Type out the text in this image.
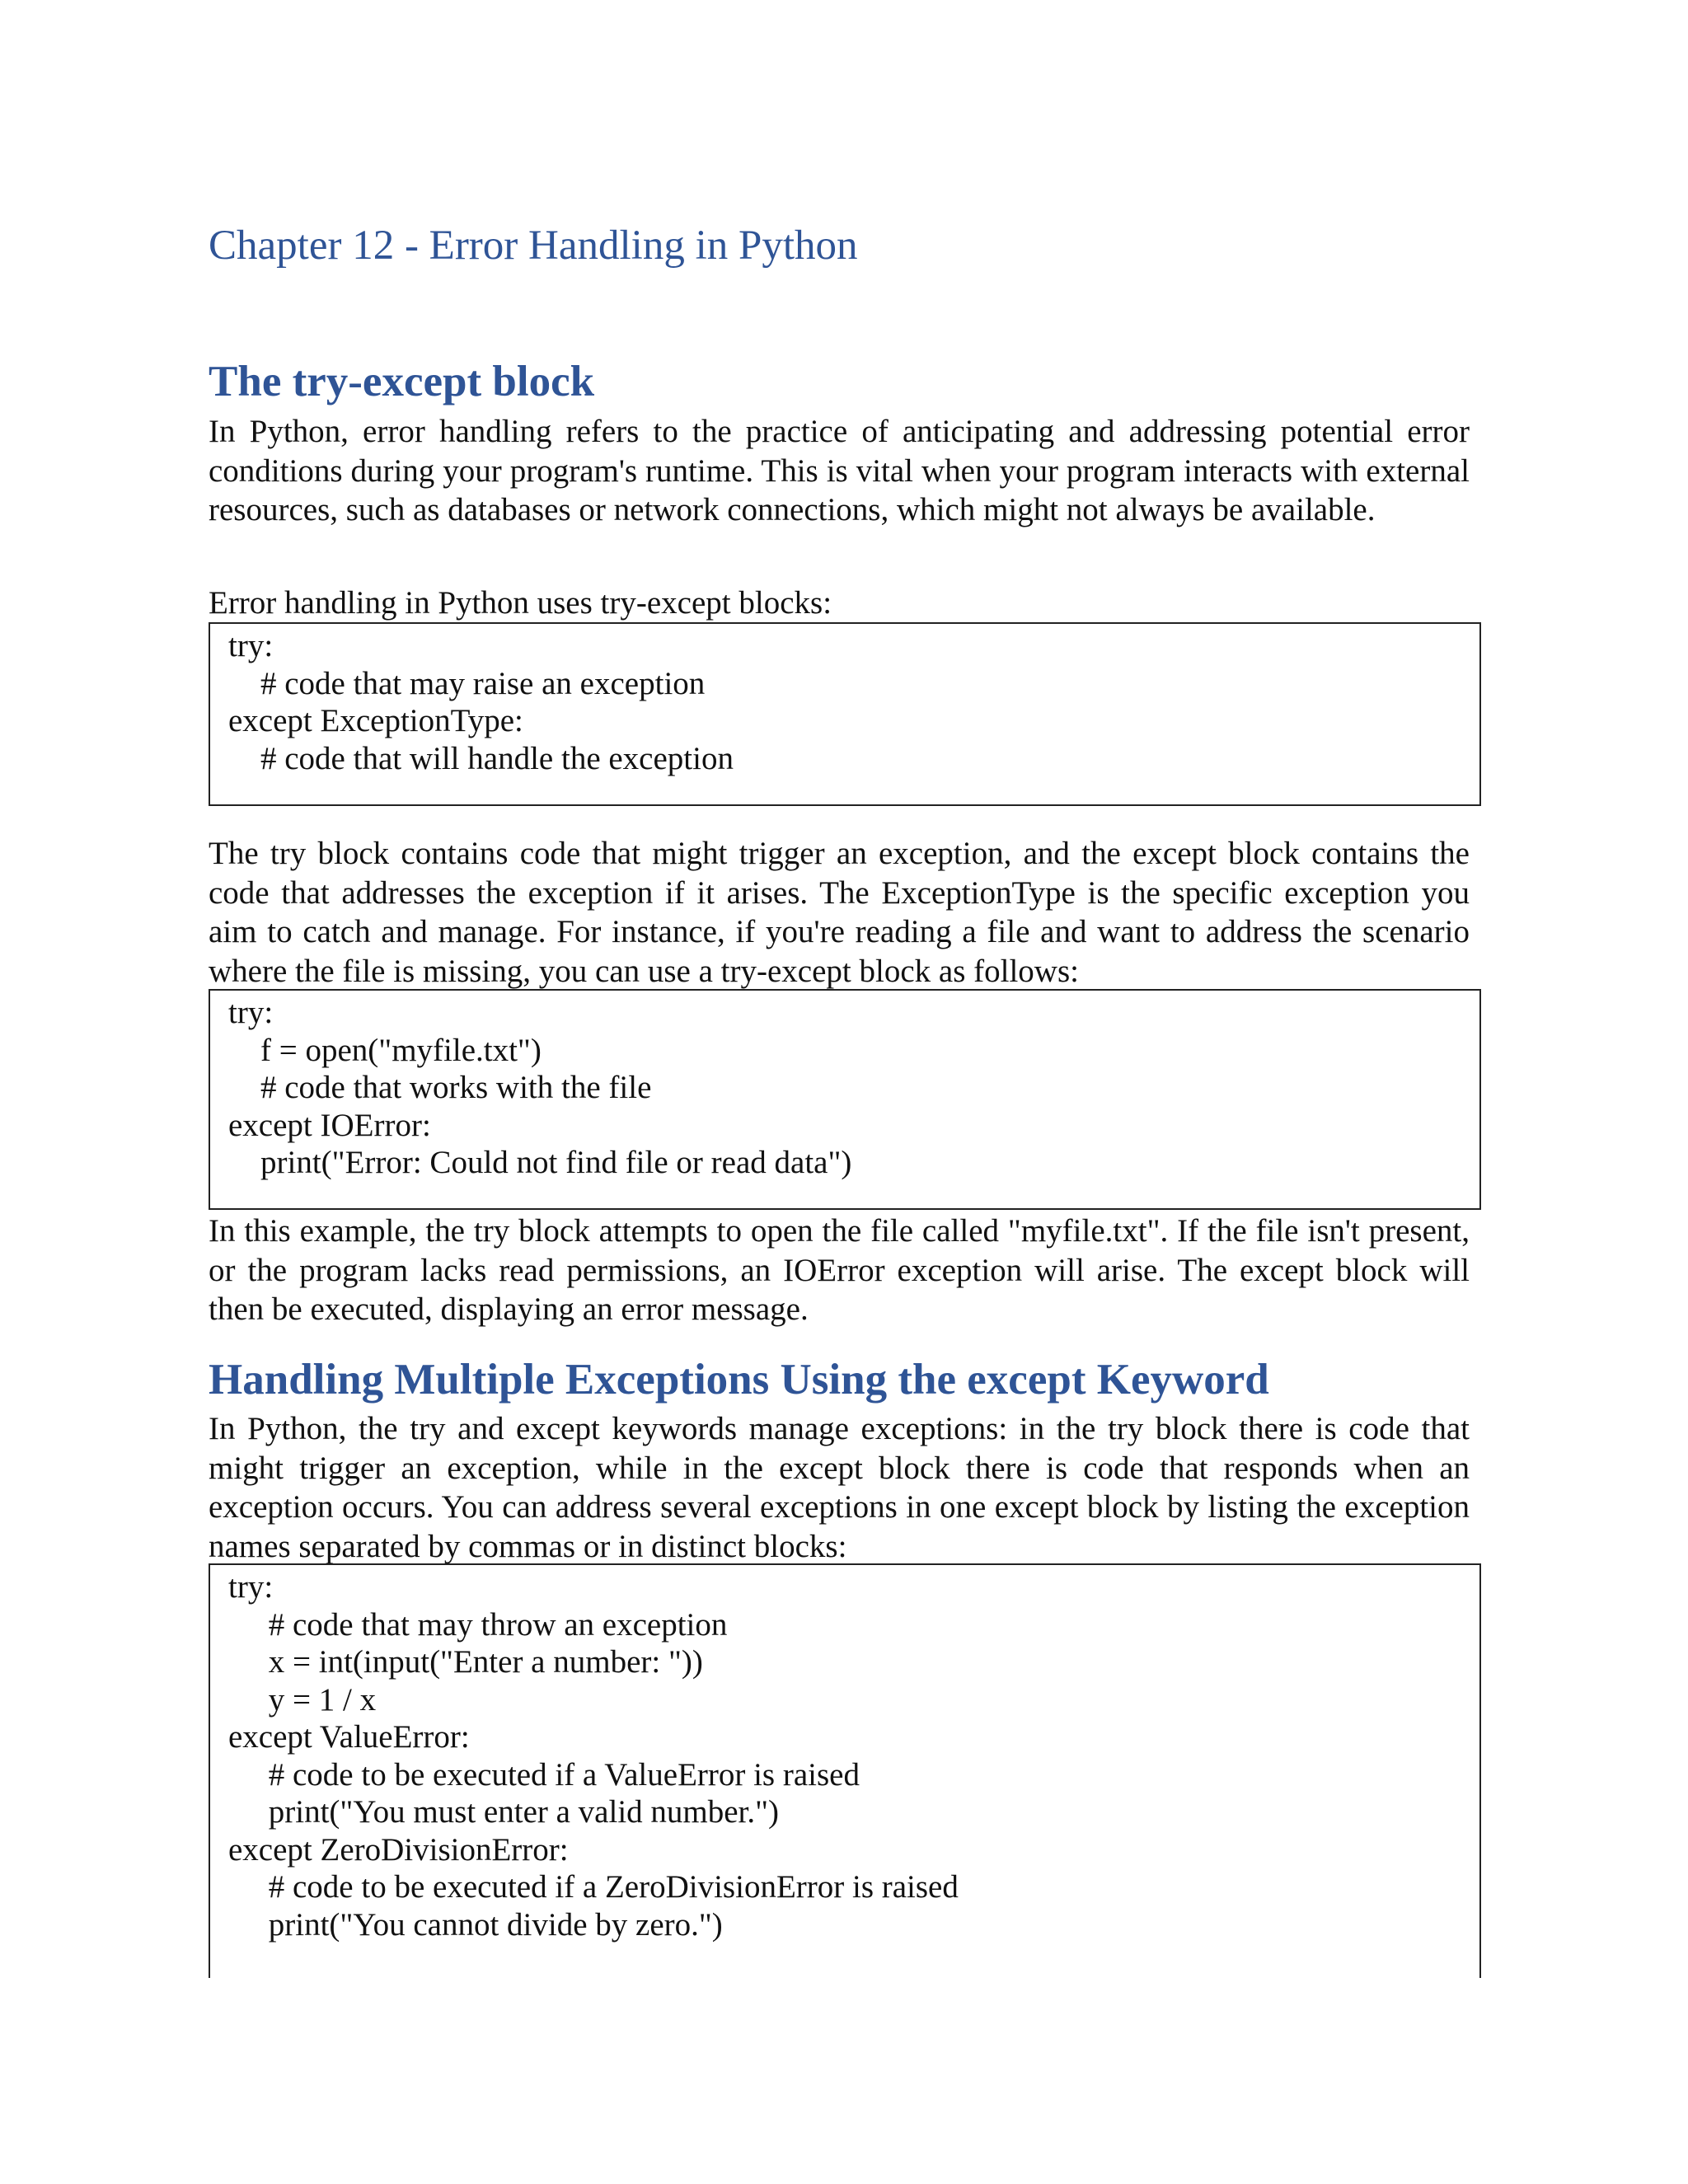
Chapter 12 - Error Handling in Python
The try-except block

In Python, error handling refers to the practice of anticipating and addressing potential error conditions during your program's runtime. This is vital when your program interacts with external resources, such as databases or network connections, which might not always be available.

Error handling in Python uses try-except blocks:

try:
# code that may raise an exception
except ExceptionType:
# code that will handle the exception

The try block contains code that might trigger an exception, and the except block contains the code that addresses the exception if it arises. The ExceptionType is the specific exception you aim to catch and manage. For instance, if you're reading a file and want to address the scenario where the file is missing, you can use a try-except block as follows:

try:
f = open("myfile.txt")
# code that works with the file
except IOError:
print("Error: Could not find file or read data")

In this example, the try block attempts to open the file called "myfile.txt". If the file isn't present, or the program lacks read permissions, an IOError exception will arise. The except block will then be executed, displaying an error message.

Handling Multiple Exceptions Using the except Keyword

In Python, the try and except keywords manage exceptions: in the try block there is code that might trigger an exception, while in the except block there is code that responds when an exception occurs. You can address several exceptions in one except block by listing the exception names separated by commas or in distinct blocks:

try:
# code that may throw an exception
x = int(input("Enter a number: "))
y = 1 / x
except ValueError:
# code to be executed if a ValueError is raised
print("You must enter a valid number.")
except ZeroDivisionError:
# code to be executed if a ZeroDivisionError is raised
print("You cannot divide by zero.")
